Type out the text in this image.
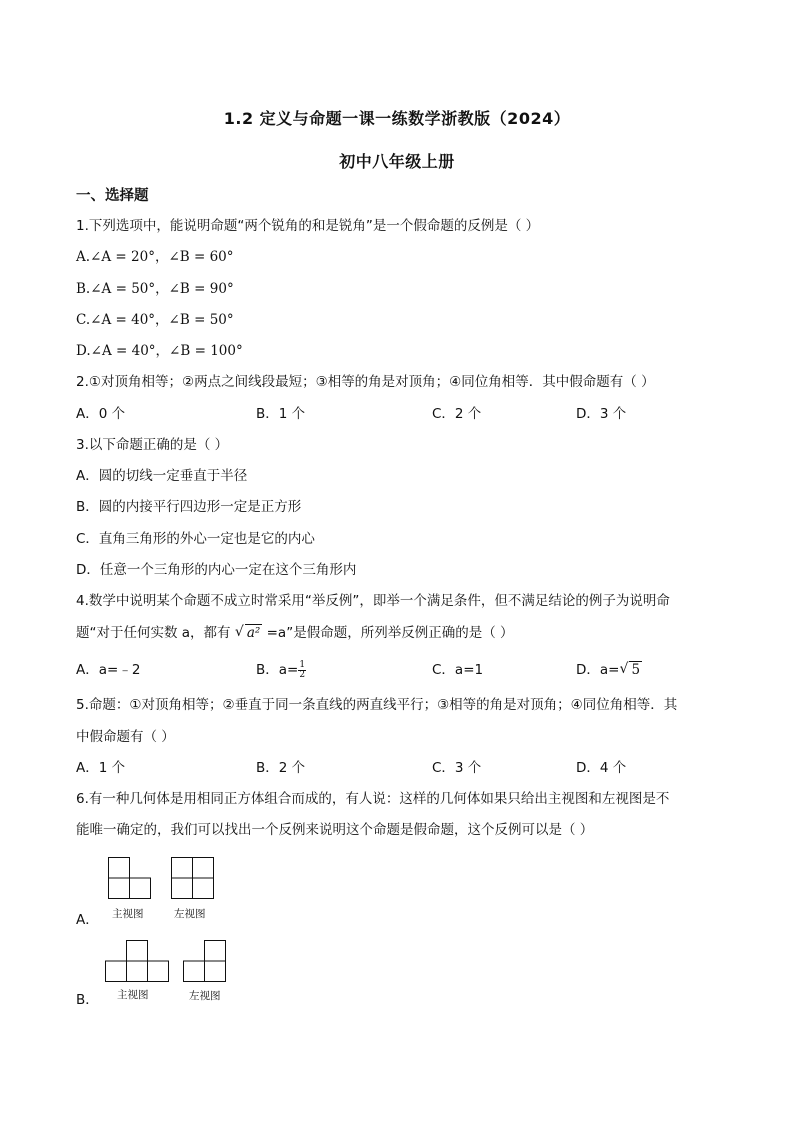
1.2 定义与命题一课一练数学浙教版（2024）
初中八年级上册
一、选择题
1.下列选项中，能说明命题“两个锐角的和是锐角”是一个假命题的反例是（ ）
A.∠A = 20°，∠B = 60°
B.∠A = 50°，∠B = 90°
C.∠A = 40°，∠B = 50°
D.∠A = 40°，∠B = 100°
2.①对顶角相等；②两点之间线段最短；③相等的角是对顶角；④同位角相等．其中假命题有（ ）
A．0 个	B．1 个	C．2 个	D．3 个
3.以下命题正确的是（ ）
A．圆的切线一定垂直于半径
B．圆的内接平行四边形一定是正方形
C．直角三角形的外心一定也是它的内心
D．任意一个三角形的内心一定在这个三角形内
4.数学中说明某个命题不成立时常采用“举反例”，即举一个满足条件，但不满足结论的例子为说明命
题“对于任何实数 a，都有 √ a² =a”是假命题，所列举反例正确的是（ ）
A．a=﹣2	B．$a= \frac{1}{2}$	C．a=1	D．a= √ 5
5.命题：①对顶角相等；②垂直于同一条直线的两直线平行；③相等的角是对顶角；④同位角相等．其
中假命题有（ ）
A．1 个	B．2 个	C．3 个	D．4 个
6.有一种几何体是用相同正方体组合而成的，有人说：这样的几何体如果只给出主视图和左视图是不
能唯一确定的，我们可以找出一个反例来说明这个命题是假命题，这个反例可以是（ ）
A． 主视图	左视图
B． 主视图	左视图
